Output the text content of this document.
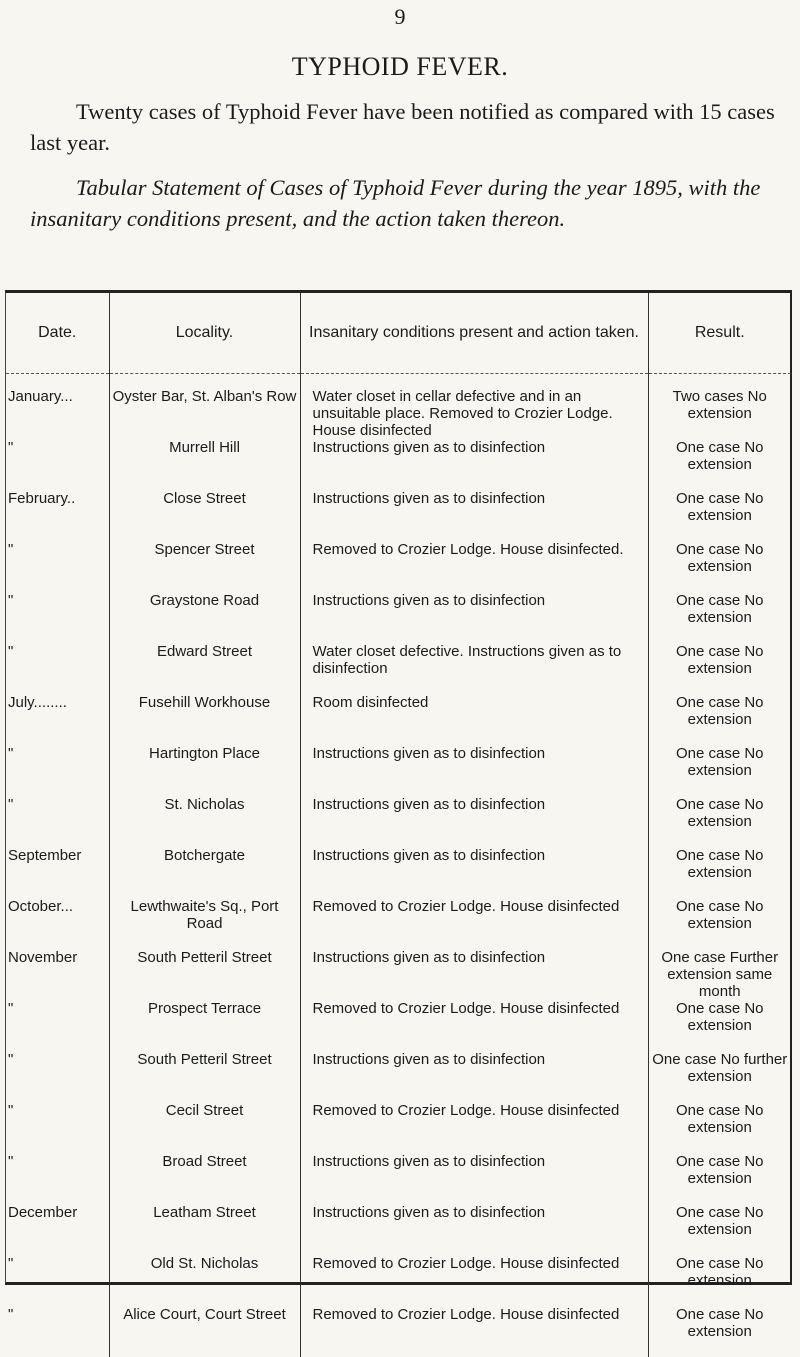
9
TYPHOID FEVER.

Twenty cases of Typhoid Fever have been notified as compared with 15 cases last year.

Tabular Statement of Cases of Typhoid Fever during the year 1895, with the insanitary conditions present, and the action taken thereon.

Date.	Locality.	Insanitary conditions present and action taken.	Result.

January...	Oyster Bar, St. Alban's Row	Water closet in cellar defective and in an unsuitable place. Removed to Crozier Lodge. House disinfected	Two cases No extension
"	Murrell Hill	Instructions given as to disinfection	One case No extension
February..	Close Street	Instructions given as to disinfection	One case No extension
"	Spencer Street	Removed to Crozier Lodge. House disinfected.	One case No extension
"	Graystone Road	Instructions given as to disinfection	One case No extension
"	Edward Street	Water closet defective. Instructions given as to disinfection	One case No extension
July........	Fusehill Workhouse	Room disinfected	One case No extension
"	Hartington Place	Instructions given as to disinfection	One case No extension
"	St. Nicholas	Instructions given as to disinfection	One case No extension
September	Botchergate	Instructions given as to disinfection	One case No extension
October...	Lewthwaite's Sq., Port Road	Removed to Crozier Lodge. House disinfected	One case No extension
November	South Petteril Street	Instructions given as to disinfection	One case Further extension same month
"	Prospect Terrace	Removed to Crozier Lodge. House disinfected	One case No extension
"	South Petteril Street	Instructions given as to disinfection	One case No further extension
"	Cecil Street	Removed to Crozier Lodge. House disinfected	One case No extension
"	Broad Street	Instructions given as to disinfection	One case No extension
December	Leatham Street	Instructions given as to disinfection	One case No extension
"	Old St. Nicholas	Removed to Crozier Lodge. House disinfected	One case No extension
"	Alice Court, Court Street	Removed to Crozier Lodge. House disinfected	One case No extension
